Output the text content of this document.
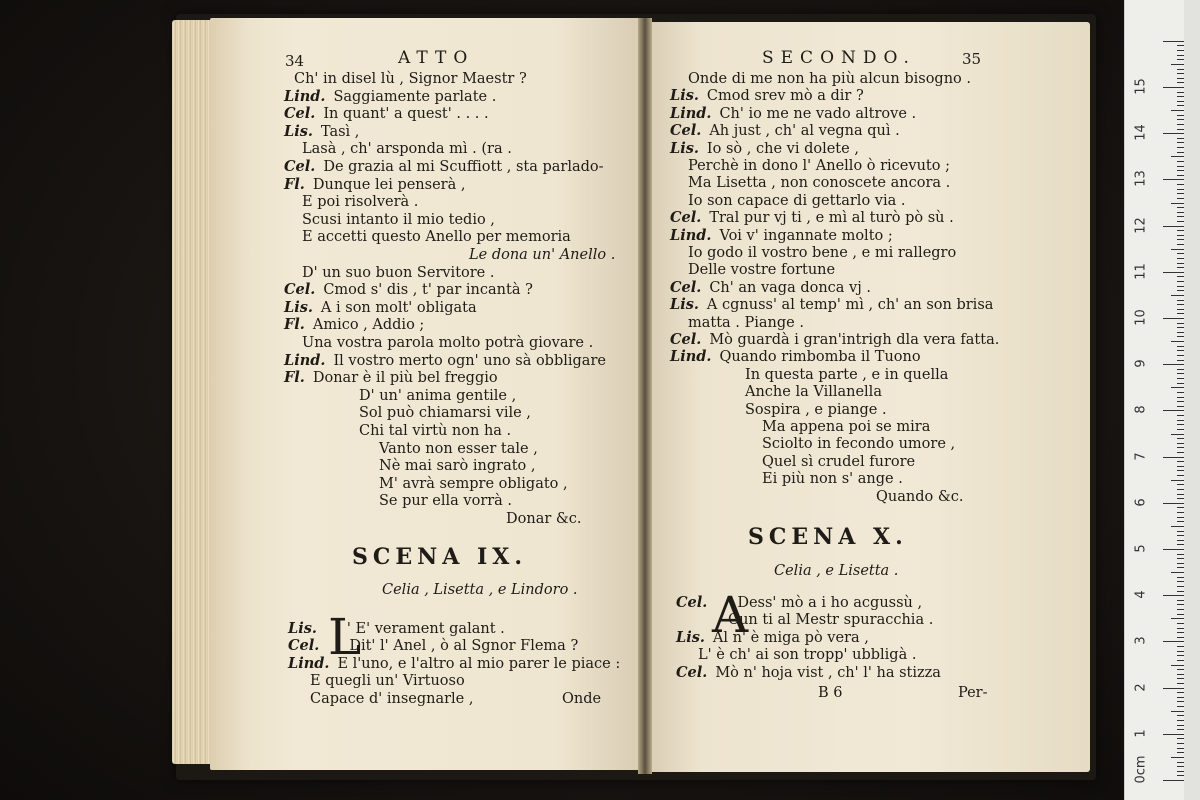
34	ATTO
Ch' in disel lù , Signor Maestr ?
Lind. Saggiamente parlate .
Cel. In quant' a quest' . . . .
Lis. Tasì ,
Lasà , ch' arsponda mì . (ra .
Cel. De grazia al mi Scuffiott , sta parlado-
Fl. Dunque lei penserà ,
E poi risolverà .
Scusi intanto il mio tedio ,
E accetti questo Anello per memoria
Le dona un' Anello .
D' un suo buon Servitore .
Cel. Cmod s' dis , t' par incantà ?
Lis. A i son molt' obligata
Fl. Amico , Addio ;
Una vostra parola molto potrà giovare .
Lind. Il vostro merto ogn' uno sà obbligare
Fl. Donar è il più bel freggio
D' un' anima gentile ,
Sol può chiamarsi vile ,
Chi tal virtù non ha .
Vanto non esser tale ,
Nè mai sarò ingrato ,
M' avrà sempre obligato ,
Se pur ella vorrà .
Donar &c.
SCENA IX.
Celia , Lisetta , e Lindoro .
L
Lis. ' E' verament galant .
Cel. Dit' l' Anel , ò al Sgnor Flema ?
Lind. E l'uno, e l'altro al mio parer le piace :
E quegli un' Virtuoso
Capace d' insegnarle ,	Onde
SECONDO.	35
Onde di me non ha più alcun bisogno .
Lis. Cmod srev mò a dir ?
Lind. Ch' io me ne vado altrove .
Cel. Ah just , ch' al vegna quì .
Lis. Io sò , che vi dolete ,
Perchè in dono l' Anello ò ricevuto ;
Ma Lisetta , non conoscete ancora .
Io son capace di gettarlo via .
Cel. Tral pur vj ti , e mì al turò pò sù .
Lind. Voi v' ingannate molto ;
Io godo il vostro bene , e mi rallegro
Delle vostre fortune
Cel. Ch' an vaga donca vj .
Lis. A cgnuss' al temp' mì , ch' an son brisa
matta . Piange .
Cel. Mò guardà i gran'intrigh dla vera fatta.
Lind. Quando rimbomba il Tuono
In questa parte , e in quella
Anche la Villanella
Sospira , e piange .
Ma appena poi se mira
Sciolto in fecondo umore ,
Quel sì crudel furore
Ei più non s' ange .
Quando &c.
SCENA X.
Celia , e Lisetta .
A
Cel. Dess' mò a i ho acgussù ,
Cun ti al Mestr spuracchia .
Lis. Al n' è miga pò vera ,
L' è ch' ai son tropp' ubbligà .
Cel. Mò n' hoja vist , ch' l' ha stizza
B 6	Per-
0cm
1
2
3
4
5
6
7
8
9
10
11
12
13
14
15
